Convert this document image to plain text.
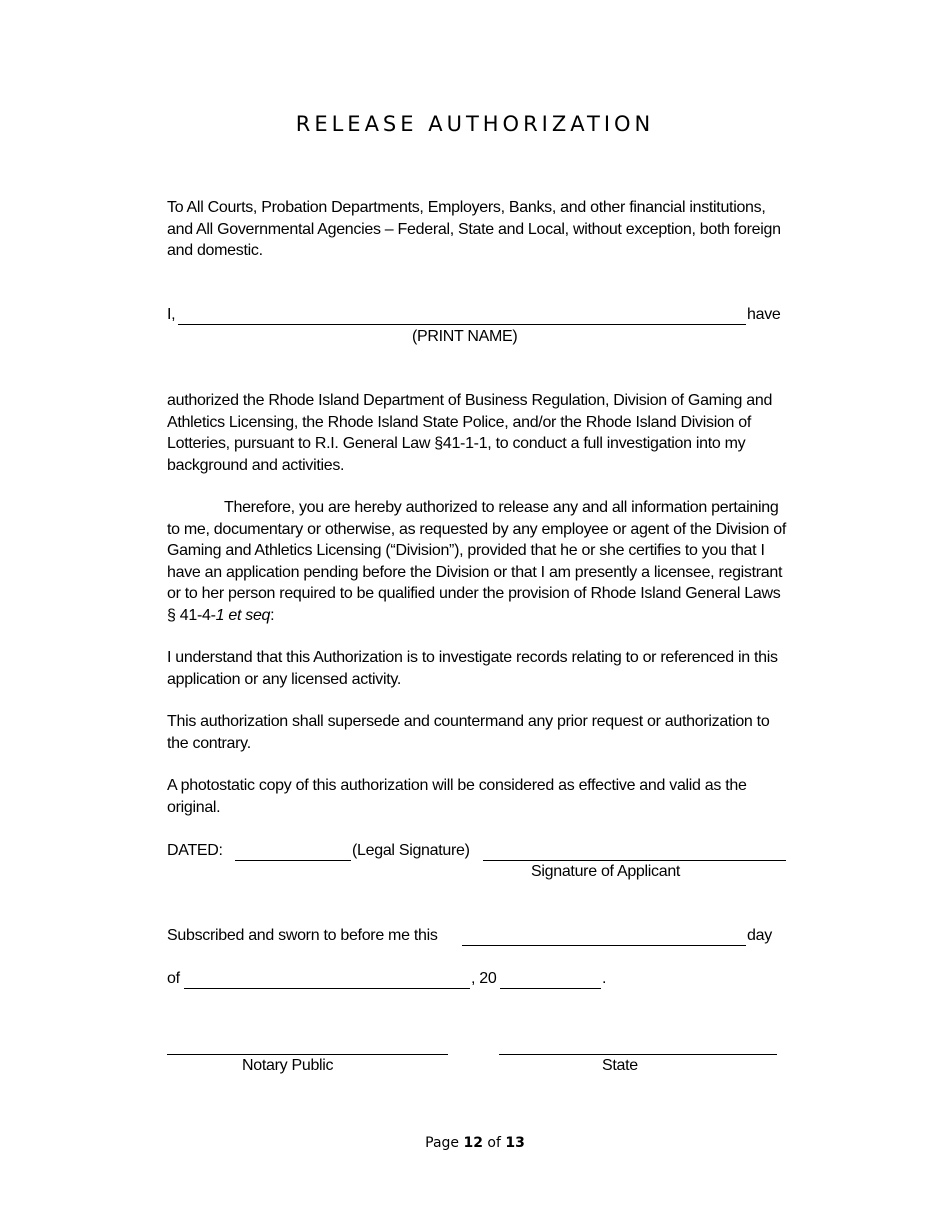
RELEASE AUTHORIZATION
To All Courts, Probation Departments, Employers, Banks, and other financial institutions, and All Governmental Agencies – Federal, State and Local, without exception, both foreign and domestic.
I,	have
(PRINT NAME)
authorized the Rhode Island Department of Business Regulation, Division of Gaming and Athletics Licensing, the Rhode Island State Police, and/or the Rhode Island Division of Lotteries, pursuant to R.I. General Law §41-1-1, to conduct a full investigation into my background and activities.
Therefore, you are hereby authorized to release any and all information pertaining to me, documentary or otherwise, as requested by any employee or agent of the Division of Gaming and Athletics Licensing (“Division”), provided that he or she certifies to you that I have an application pending before the Division or that I am presently a licensee, registrant or to her person required to be qualified under the provision of Rhode Island General Laws § 41-4-1 et seq:
I understand that this Authorization is to investigate records relating to or referenced in this application or any licensed activity.
This authorization shall supersede and countermand any prior request or authorization to the contrary.
A photostatic copy of this authorization will be considered as effective and valid as the original.
DATED:	(Legal Signature)
Signature of Applicant
Subscribed and sworn to before me this	day
of	, 20	.
Notary Public	State
Page 12 of 13
